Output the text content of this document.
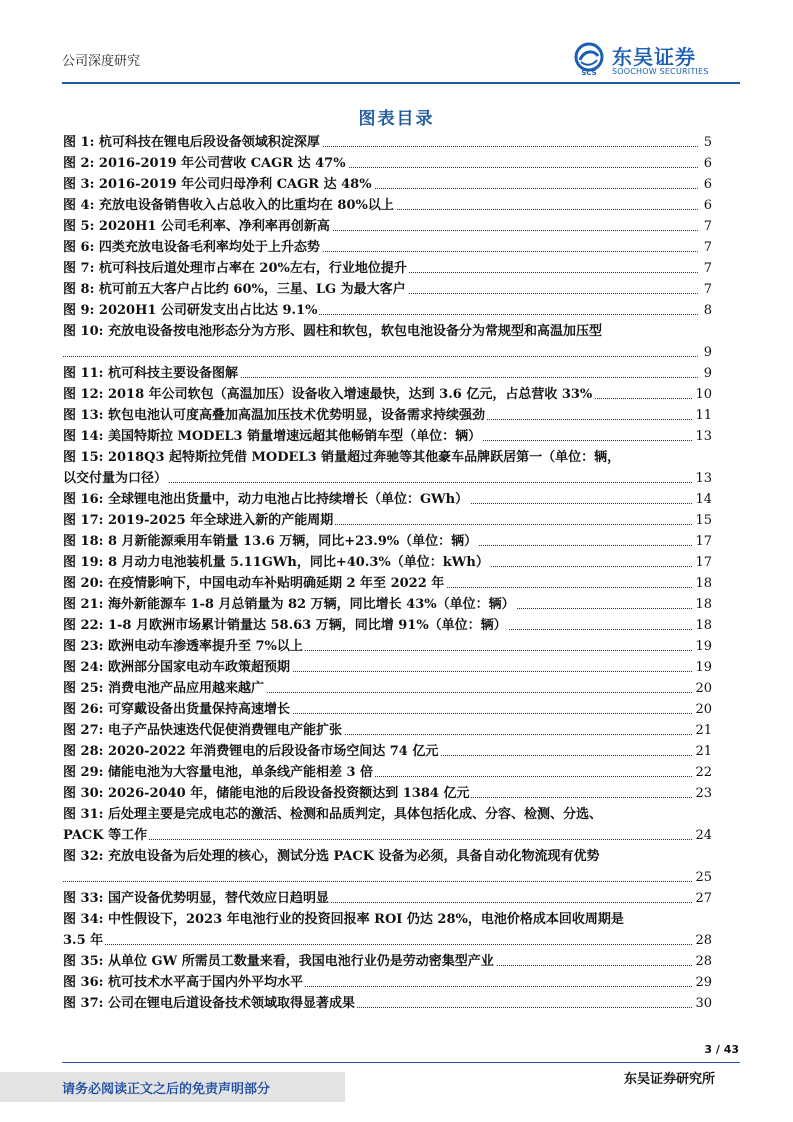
公司深度研究
SCS
东吴证券
SOOCHOW SECURITIES
图表目录
图 1: 杭可科技在锂电后段设备领域积淀深厚	5
图 2: 2016-2019 年公司营收 CAGR 达 47%	6
图 3: 2016-2019 年公司归母净利 CAGR 达 48%	6
图 4: 充放电设备销售收入占总收入的比重均在 80%以上	6
图 5: 2020H1 公司毛利率、净利率再创新高	7
图 6: 四类充放电设备毛利率均处于上升态势	7
图 7: 杭可科技后道处理市占率在 20%左右，行业地位提升	7
图 8: 杭可前五大客户占比约 60%，三星、LG 为最大客户	7
图 9: 2020H1 公司研发支出占比达 9.1%	8
图 10: 充放电设备按电池形态分为方形、圆柱和软包，软包电池设备分为常规型和高温加压型
9
图 11: 杭可科技主要设备图解	9
图 12: 2018 年公司软包（高温加压）设备收入增速最快，达到 3.6 亿元，占总营收 33%	10
图 13: 软包电池认可度高叠加高温加压技术优势明显，设备需求持续强劲	11
图 14: 美国特斯拉 MODEL3 销量增速远超其他畅销车型（单位：辆）	13
图 15: 2018Q3 起特斯拉凭借 MODEL3 销量超过奔驰等其他豪车品牌跃居第一（单位：辆，
以交付量为口径）	13
图 16: 全球锂电池出货量中，动力电池占比持续增长（单位：GWh）	14
图 17: 2019-2025 年全球进入新的产能周期	15
图 18: 8 月新能源乘用车销量 13.6 万辆，同比+23.9%（单位：辆）	17
图 19: 8 月动力电池装机量 5.11GWh，同比+40.3%（单位：kWh）	17
图 20: 在疫情影响下，中国电动车补贴明确延期 2 年至 2022 年	18
图 21: 海外新能源车 1-8 月总销量为 82 万辆，同比增长 43%（单位：辆）	18
图 22: 1-8 月欧洲市场累计销量达 58.63 万辆，同比增 91%（单位：辆）	18
图 23: 欧洲电动车渗透率提升至 7%以上	19
图 24: 欧洲部分国家电动车政策超预期	19
图 25: 消费电池产品应用越来越广	20
图 26: 可穿戴设备出货量保持高速增长	20
图 27: 电子产品快速迭代促使消费锂电产能扩张	21
图 28: 2020-2022 年消费锂电的后段设备市场空间达 74 亿元	21
图 29: 储能电池为大容量电池，单条线产能相差 3 倍	22
图 30: 2026-2040 年，储能电池的后段设备投资额达到 1384 亿元	23
图 31: 后处理主要是完成电芯的激活、检测和品质判定，具体包括化成、分容、检测、分选、
PACK 等工作	24
图 32: 充放电设备为后处理的核心，测试分选 PACK 设备为必须，具备自动化物流现有优势
25
图 33: 国产设备优势明显，替代效应日趋明显	27
图 34: 中性假设下，2023 年电池行业的投资回报率 ROI 仍达 28%，电池价格成本回收周期是
3.5 年	28
图 35: 从单位 GW 所需员工数量来看，我国电池行业仍是劳动密集型产业	28
图 36: 杭可技术水平高于国内外平均水平	29
图 37: 公司在锂电后道设备技术领域取得显著成果	30
3 / 43
请务必阅读正文之后的免责声明部分
东吴证券研究所
